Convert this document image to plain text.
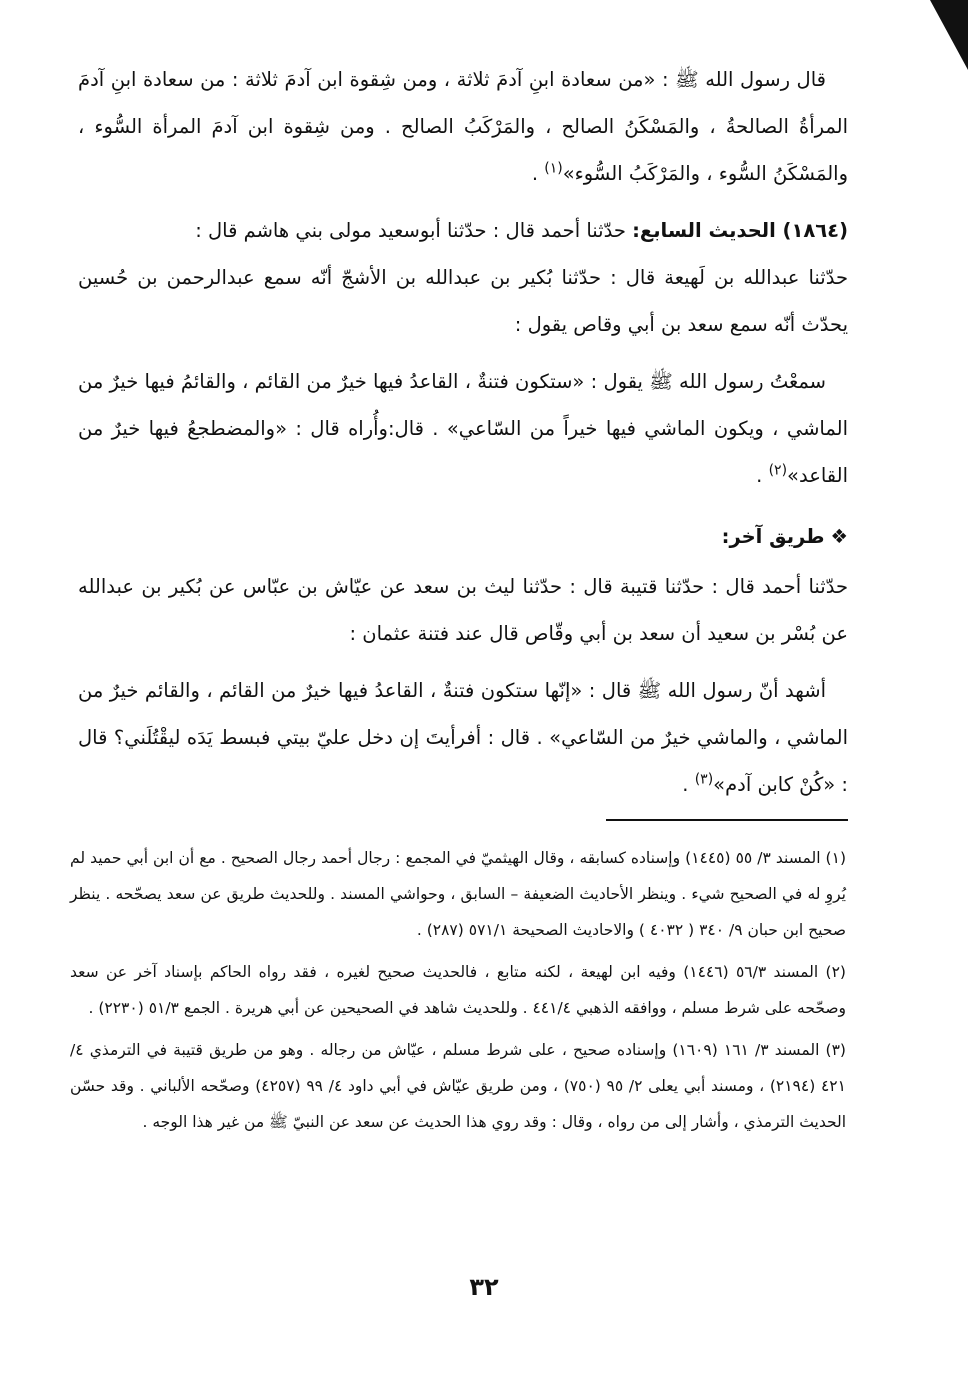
قال رسول الله ﷺ : «من سعادة ابنِ آدمَ ثلاثة ، ومن شِقوة ابن آدمَ ثلاثة : من سعادة ابنِ آدمَ المرأةُ الصالحةُ ، والمَسْكَنُ الصالح ، والمَرْكَبُ الصالح . ومن شِقوة ابن آدمَ المرأة السُّوء ، والمَسْكَنُ السُّوء ، والمَرْكَبُ السُّوء»$^{(١)}$ .

(١٨٦٤) الحديث السابع: حدّثنا أحمد قال : حدّثنا أبوسعيد مولى بني هاشم قال :

حدّثنا عبدالله بن لَهيعة قال : حدّثنا بُكير بن عبدالله بن الأشجّ أنّه سمع عبدالرحمن بن حُسين يحدّث أنّه سمع سعد بن أبي وقاص يقول :

سمعْتُ رسول الله ﷺ يقول : «ستكون فتنةٌ ، القاعدُ فيها خيرٌ من القائم ، والقائمُ فيها خيرٌ من الماشي ، ويكون الماشي فيها خيراً من السّاعي» . قال:وأُراه قال : «والمضطجعُ فيها خيرٌ من القاعد»$^{(٢)}$ .

❖طريق آخر:

حدّثنا أحمد قال : حدّثنا قتيبة قال : حدّثنا ليث بن سعد عن عيّاش بن عبّاس عن بُكير بن عبدالله عن بُسْر بن سعيد أن سعد بن أبي وقّاص قال عند فتنة عثمان :

أشهد أنّ رسول الله ﷺ قال : «إنّها ستكون فتنةٌ ، القاعدُ فيها خيرٌ من القائم ، والقائم خيرٌ من الماشي ، والماشي خيرٌ من السّاعي» . قال : أفرأيتَ إن دخل عليّ بيتي فبسط يَدَه ليقْتُلَني؟ قال : «كُنْ كابن آدم»$^{(٣)}$ .

(١) المسند ٣/ ٥٥ (١٤٤٥) وإسناده كسابقه ، وقال الهيثميّ في المجمع : رجال أحمد رجال الصحيح . مع أن ابن أبي حميد لم يُروِ له في الصحيح شيء . وينظر الأحاديث الضعيفة – السابق ، وحواشي المسند . وللحديث طريق عن سعد يصحّحه . ينظر صحيح ابن حبان ٩/ ٣٤٠ ( ٤٠٣٢ ) والاحاديث الصحيحة ٥٧١/١ (٢٨٧) .

(٢) المسند ٥٦/٣ (١٤٤٦) وفيه ابن لهيعة ، لكنه متابع ، فالحديث صحيح لغيره ، فقد رواه الحاكم بإسناد آخر عن سعد وصحّحه على شرط مسلم ، ووافقه الذهبي ٤٤١/٤ . وللحديث شاهد في الصحيحين عن أبي هريرة . الجمع ٥١/٣ (٢٢٣٠) .

(٣) المسند ٣/ ١٦١ (١٦٠٩) وإسناده صحيح ، على شرط مسلم ، عيّاش من رجاله . وهو من طريق قتيبة في الترمذي ٤/ ٤٢١ (٢١٩٤) ، ومسند أبي يعلى ٢/ ٩٥ (٧٥٠) ، ومن طريق عيّاش في أبي داود ٤/ ٩٩ (٤٢٥٧) وصحّحه الألباني . وقد حسّن الحديث الترمذي ، وأشار إلى من رواه ، وقال : وقد روي هذا الحديث عن سعد عن النبيّ ﷺ من غير هذا الوجه .

٣٢
